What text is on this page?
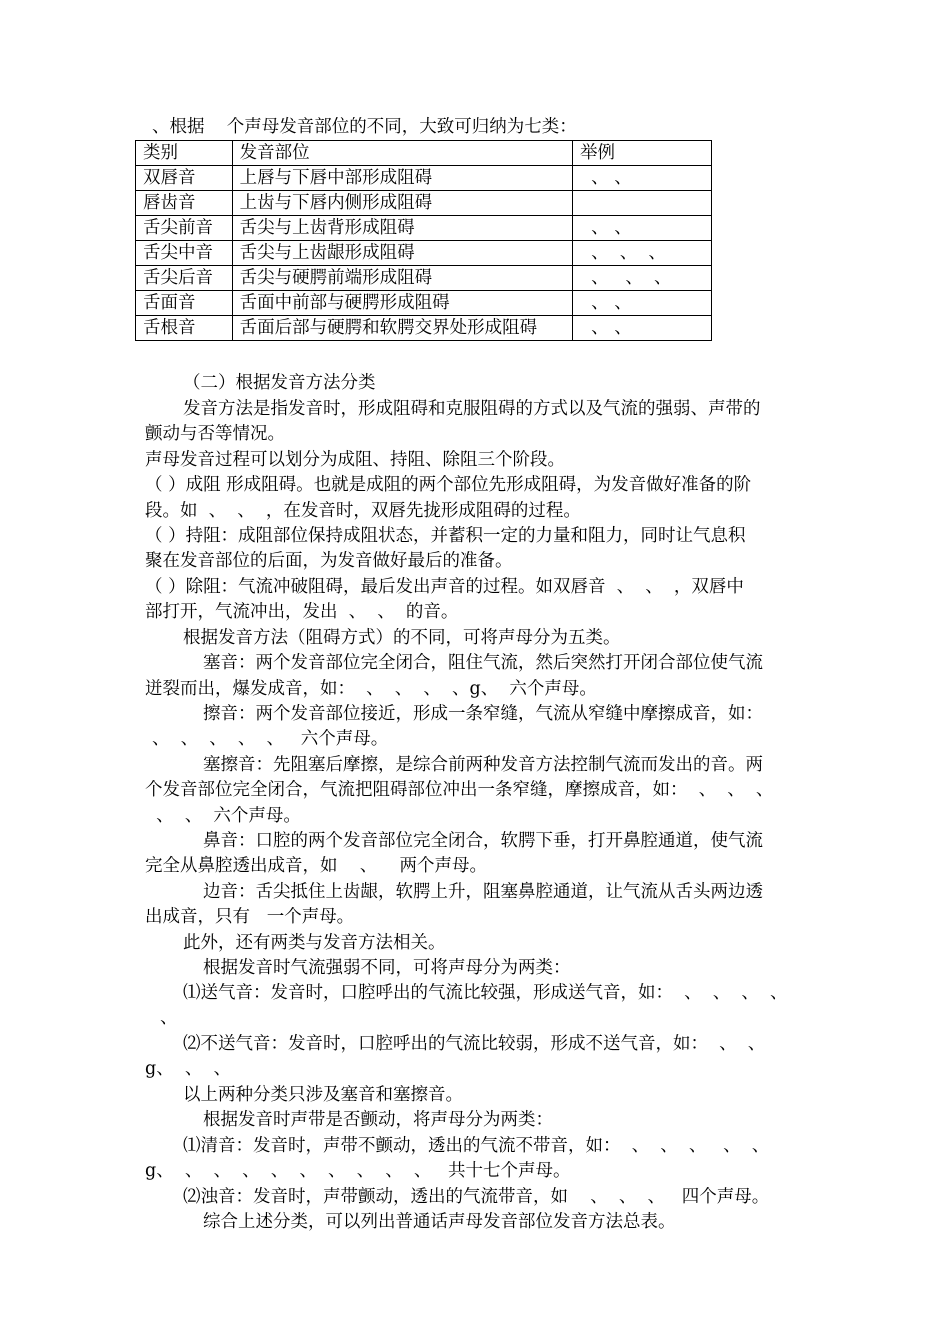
、根据    个声母发音部位的不同，大致可归纳为七类：
类别	发音部位	举例
双唇音	上唇与下唇中部形成阻碍	、 、
唇齿音	上齿与下唇内侧形成阻碍	
舌尖前音	舌尖与上齿背形成阻碍	、 、
舌尖中音	舌尖与上齿龈形成阻碍	、  、  、
舌尖后音	舌尖与硬腭前端形成阻碍	、   、  、
舌面音	舌面中前部与硬腭形成阻碍	、 、
舌根音	舌面后部与硬腭和软腭交界处形成阻碍	、 、
（二）根据发音方法分类
发音方法是指发音时，形成阻碍和克服阻碍的方式以及气流的强弱、声带的
颤动与否等情况。
声母发音过程可以划分为成阻、持阻、除阻三个阶段。
（ ）成阻 形成阻碍。也就是成阻的两个部位先形成阻碍，为发音做好准备的阶
段。如  、  、  ，在发音时，双唇先拢形成阻碍的过程。
（ ）持阻：成阻部位保持成阻状态，并蓄积一定的力量和阻力，同时让气息积
聚在发音部位的后面，为发音做好最后的准备。
（ ）除阻：气流冲破阻碍，最后发出声音的过程。如双唇音  、  、  ，双唇中
部打开，气流冲出，发出  、  、  的音。
根据发音方法（阻碍方式）的不同，可将声母分为五类。
塞音：两个发音部位完全闭合，阻住气流，然后突然打开闭合部位使气流
迸裂而出，爆发成音，如：  、  、  、  、g、  六个声母。
擦音：两个发音部位接近，形成一条窄缝，气流从窄缝中摩擦成音，如：
、  、  、  、  、   六个声母。
塞擦音：先阻塞后摩擦，是综合前两种发音方法控制气流而发出的音。两
个发音部位完全闭合，气流把阻碍部位冲出一条窄缝，摩擦成音，如：  、  、  、
、  、  六个声母。
鼻音：口腔的两个发音部位完全闭合，软腭下垂，打开鼻腔通道，使气流
完全从鼻腔透出成音，如    、    两个声母。
边音：舌尖抵住上齿龈，软腭上升，阻塞鼻腔通道，让气流从舌头两边透
出成音，只有   一个声母。
此外，还有两类与发音方法相关。
根据发音时气流强弱不同，可将声母分为两类：
⑴送气音：发音时，口腔呼出的气流比较强，形成送气音，如：  、  、  、  、
、
⑵不送气音：发音时，口腔呼出的气流比较弱，形成不送气音，如：  、  、
g、  、  、
以上两种分类只涉及塞音和塞擦音。
根据发音时声带是否颤动，将声母分为两类：
⑴清音：发音时，声带不颤动，透出的气流不带音，如：  、  、  、   、  、
g、  、  、  、  、  、  、  、  、  、   共十七个声母。
⑵浊音：发音时，声带颤动，透出的气流带音，如    、  、  、   四个声母。
综合上述分类，可以列出普通话声母发音部位发音方法总表。
